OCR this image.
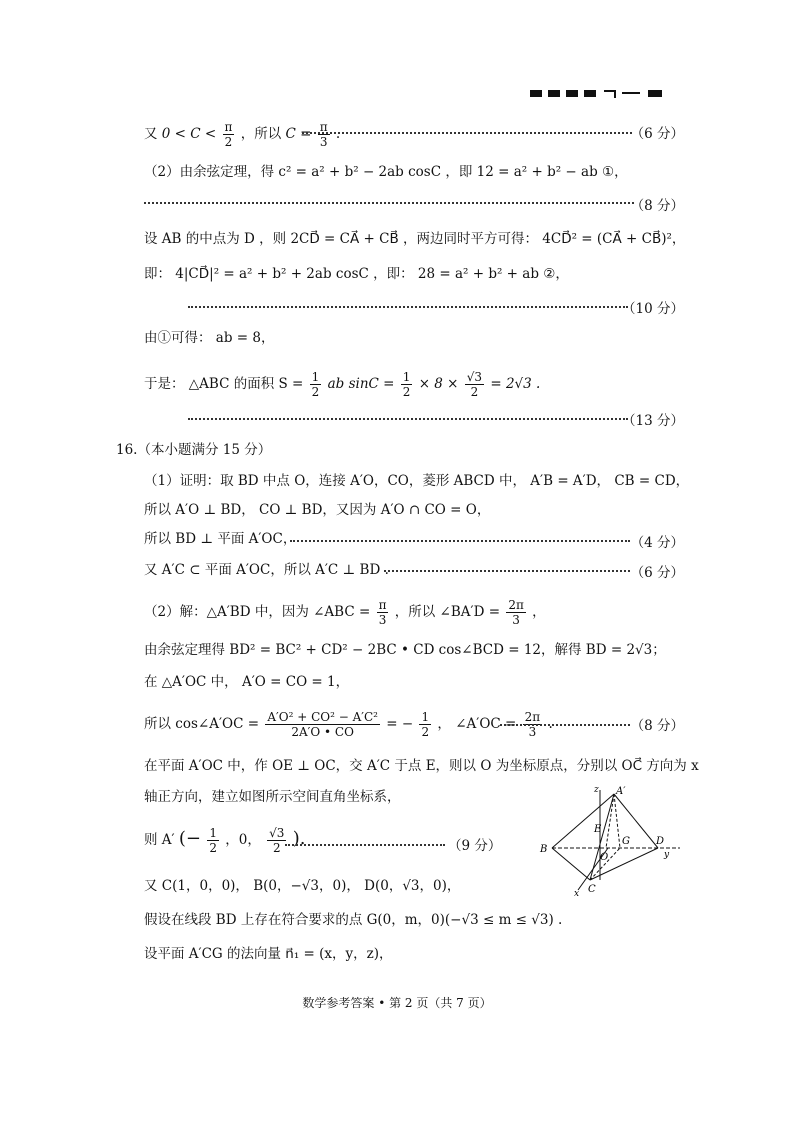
又 $0 < C < \frac{\pi}{2}$ ，所以 $C = \frac{\pi}{3}$ .	（6 分）
（2）由余弦定理，得 c² = a² + b² − 2ab cosC ，即 12 = a² + b² − ab ①，
（8 分）
设 AB 的中点为 D ，则 2CD⃗ = CA⃗ + CB⃗ ，两边同时平方可得： 4CD⃗² = (CA⃗ + CB⃗)²，
即： 4|CD⃗|² = a² + b² + 2ab cosC ，即： 28 = a² + b² + ab ②，
（10 分）
由①可得： ab = 8，
于是： △ABC 的面积 $S = \frac{1}{2}$ ab $\sin C = \frac{1}{2} \times 8 \times \frac{√3}{2} = 2√3$ .
（13 分）
16.（本小题满分 15 分）
（1）证明：取 BD 中点 O，连接 A′O，CO，菱形 ABCD 中， A′B = A′D， CB = CD，
所以 A′O ⊥ BD， CO ⊥ BD，又因为 A′O ∩ CO = O，
所以 BD ⊥ 平面 A′OC，	（4 分）
又 A′C ⊂ 平面 A′OC，所以 A′C ⊥ BD .	（6 分）
（2）解：△A′BD 中，因为 ∠ABC = $\frac{\pi}{3}$ ，所以 ∠BA′D = $\frac{2\pi}{3}$ ，
由余弦定理得 BD² = BC² + CD² − 2BC • CD cos∠BCD = 12，解得 BD = 2√3；
在 △A′OC 中， A′O = CO = 1，
所以 cos∠A′OC = $\frac{\text{A′O² + CO² − A′C²}}{2A'O • CO}$ = − $\frac{1}{2}$ ， ∠A′OC = $\frac{2\pi}{3}$ .	（8 分）
在平面 A′OC 中，作 OE ⊥ OC，交 A′C 于点 E，则以 O 为坐标原点，分别以 OC⃗ 方向为 x
轴正方向，建立如图所示空间直角坐标系，
则 A′ (− $\frac{1}{2}$ ，0， $\frac{√3}{2}$ ).	（9 分）
又 C(1，0，0)， B(0，−√3，0)， D(0，√3，0)，
假设在线段 BD 上存在符合要求的点 G(0，m，0)(−√3 ≤ m ≤ √3) .
设平面 A′CG 的法向量 n⃗₁ = (x，y，z)，
z A′
E
B
O
G	D
y
C
x
数学参考答案 • 第 2 页（共 7 页）
